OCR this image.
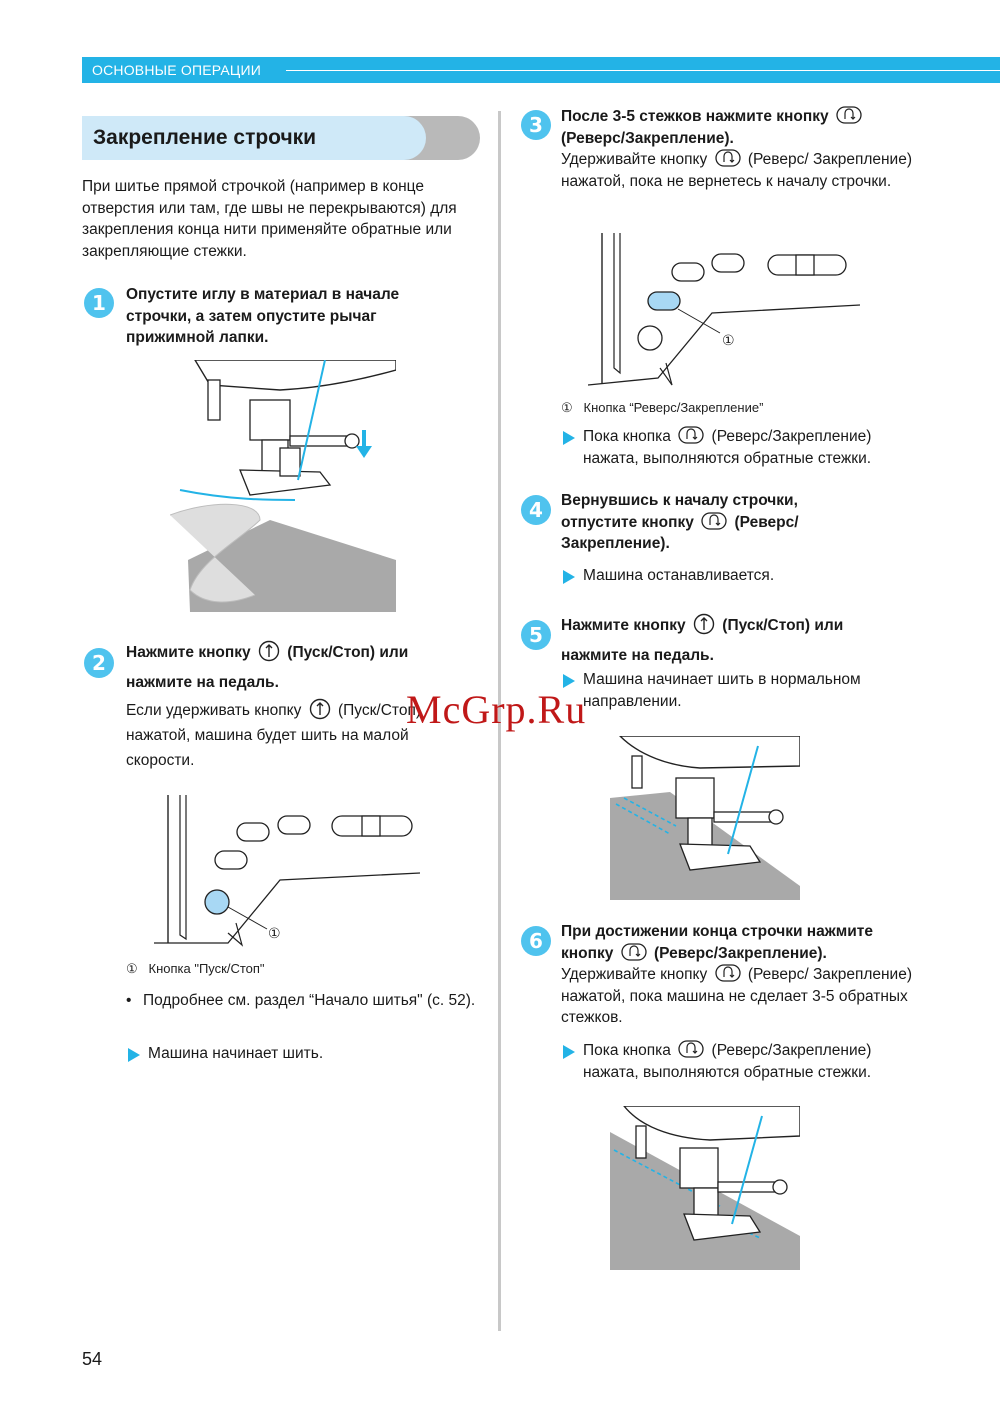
ОСНОВНЫЕ ОПЕРАЦИИ
Закрепление строчки
При шитье прямой строчкой (например в конце отверстия или там, где швы не перекрываются) для закрепления конца нити применяйте обратные или закрепляющие стежки.
1	Опустите иглу в материал в начале строчки, а затем опустите рычаг прижимной лапки.
2	Нажмите кнопку (Пуск/Стоп) или
нажмите на педаль.
Если удерживать кнопку (Пуск/Стоп) нажатой, машина будет шить на малой скорости.
①
① Кнопка "Пуск/Стоп"
• Подробнее см. раздел “Начало шитья" (с. 52).
Машина начинает шить.
3	После 3-5 стежков нажмите кнопку
(Реверс/Закрепление).
Удерживайте кнопку	(Реверс/ Закрепление) нажатой, пока не вернетесь к началу строчки.
①
① Кнопка “Реверс/Закрепление”
Пока кнопка	(Реверс/Закрепление)
нажата, выполняются обратные стежки.
4	Вернувшись к началу строчки,
отпустите кнопку	(Реверс/
Закрепление).
Машина останавливается.
5	Нажмите кнопку (Пуск/Стоп) или
нажмите на педаль.
Машина начинает шить в нормальном направлении.
6	При достижении конца строчки нажмите
кнопку	(Реверс/Закрепление).
Удерживайте кнопку	(Реверс/ Закрепление) нажатой, пока машина не сделает 3-5 обратных стежков.
Пока кнопка	(Реверс/Закрепление)
нажата, выполняются обратные стежки.
54
McGrp.Ru
